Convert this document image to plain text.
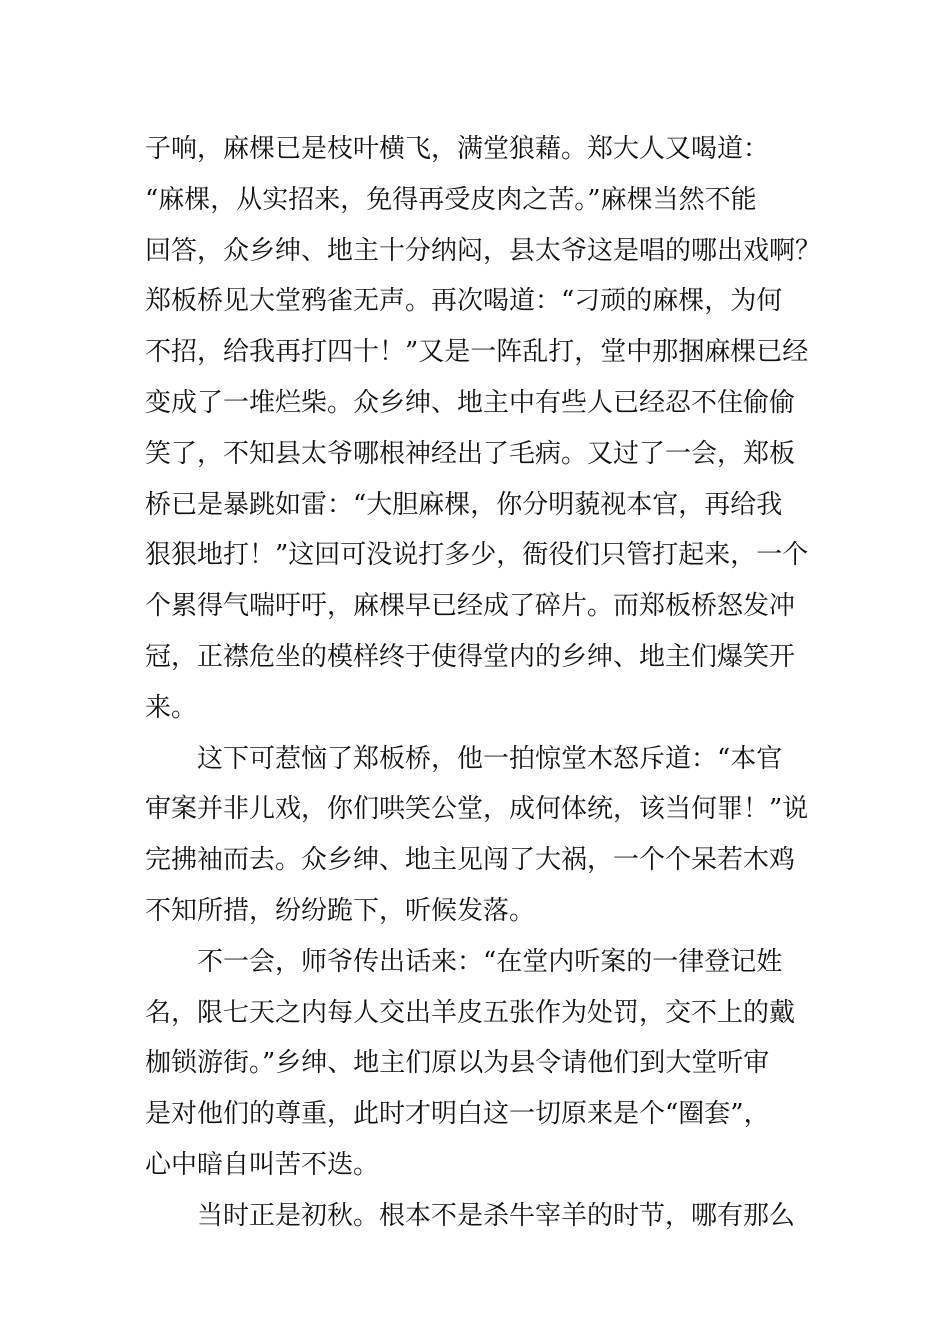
子响，麻棵已是枝叶横飞，满堂狼藉。郑大人又喝道：
“麻棵，从实招来，免得再受皮肉之苦。”麻棵当然不能
回答，众乡绅、地主十分纳闷，县太爷这是唱的哪出戏啊？
郑板桥见大堂鸦雀无声。再次喝道：“刁顽的麻棵，为何
不招，给我再打四十！”又是一阵乱打，堂中那捆麻棵已经
变成了一堆烂柴。众乡绅、地主中有些人已经忍不住偷偷
笑了，不知县太爷哪根神经出了毛病。又过了一会，郑板
桥已是暴跳如雷：“大胆麻棵，你分明藐视本官，再给我
狠狠地打！”这回可没说打多少，衙役们只管打起来，一个
个累得气喘吁吁，麻棵早已经成了碎片。而郑板桥怒发冲
冠，正襟危坐的模样终于使得堂内的乡绅、地主们爆笑开
来。
这下可惹恼了郑板桥，他一拍惊堂木怒斥道：“本官
审案并非儿戏，你们哄笑公堂，成何体统，该当何罪！”说
完拂袖而去。众乡绅、地主见闯了大祸，一个个呆若木鸡
不知所措，纷纷跪下，听候发落。
不一会，师爷传出话来：“在堂内听案的一律登记姓
名，限七天之内每人交出羊皮五张作为处罚，交不上的戴
枷锁游街。”乡绅、地主们原以为县令请他们到大堂听审
是对他们的尊重，此时才明白这一切原来是个“圈套”，
心中暗自叫苦不迭。
当时正是初秋。根本不是杀牛宰羊的时节，哪有那么
